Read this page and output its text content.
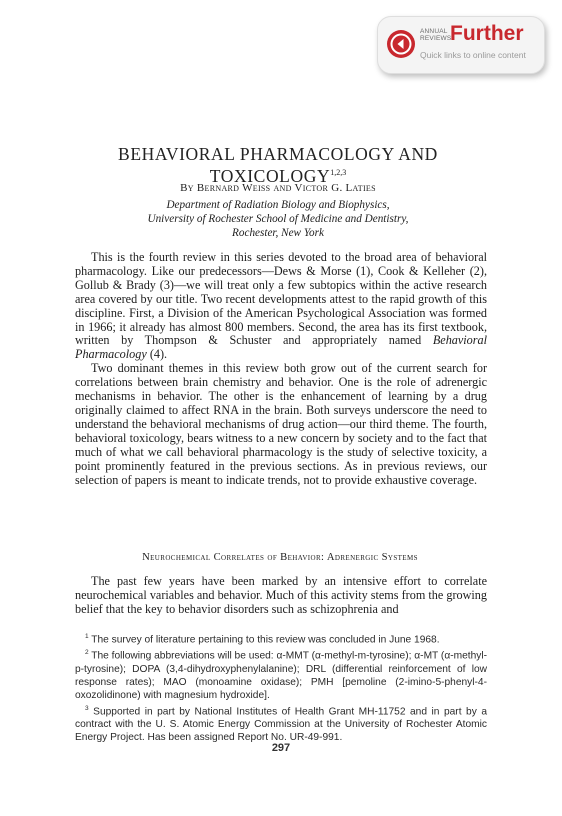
ANNUAL
REVIEWS
Further
Quick links to online content
BEHAVIORAL PHARMACOLOGY AND
TOXICOLOGY$^{1,2,3}$
By Bernard Weiss and Victor G. Laties
Department of Radiation Biology and Biophysics,
University of Rochester School of Medicine and Dentistry,
Rochester, New York

This is the fourth review in this series devoted to the broad area of behavioral pharmacology. Like our predecessors—Dews & Morse (1), Cook & Kelleher (2), Gollub & Brady (3)—we will treat only a few subtopics within the active research area covered by our title. Two recent developments attest to the rapid growth of this discipline. First, a Division of the American Psychological Association was formed in 1966; it already has almost 800 members. Second, the area has its first textbook, written by Thompson & Schuster and appropriately named Behavioral Pharmacology (4).

Two dominant themes in this review both grow out of the current search for correlations between brain chemistry and behavior. One is the role of adrenergic mechanisms in behavior. The other is the enhancement of learning by a drug originally claimed to affect RNA in the brain. Both surveys underscore the need to understand the behavioral mechanisms of drug action—our third theme. The fourth, behavioral toxicology, bears witness to a new concern by society and to the fact that much of what we call behavioral pharmacology is the study of selective toxicity, a point prominently featured in the previous sections. As in previous reviews, our selection of papers is meant to indicate trends, not to provide exhaustive coverage.

Neurochemical Correlates of Behavior: Adrenergic Systems

The past few years have been marked by an intensive effort to correlate neurochemical variables and behavior. Much of this activity stems from the growing belief that the key to behavior disorders such as schizophrenia and

$^1$ The survey of literature pertaining to this review was concluded in June 1968.

$^2$ The following abbreviations will be used: α-MMT (α-methyl-m-tyrosine); α-MT (α-methyl-p-tyrosine); DOPA (3,4-dihydroxyphenylalanine); DRL (differential reinforcement of low response rates); MAO (monoamine oxidase); PMH [pemoline (2-imino-5-phenyl-4-oxozolidinone) with magnesium hydroxide].

$^3$ Supported in part by National Institutes of Health Grant MH-11752 and in part by a contract with the U. S. Atomic Energy Commission at the University of Rochester Atomic Energy Project. Has been assigned Report No. UR-49-991.

297
